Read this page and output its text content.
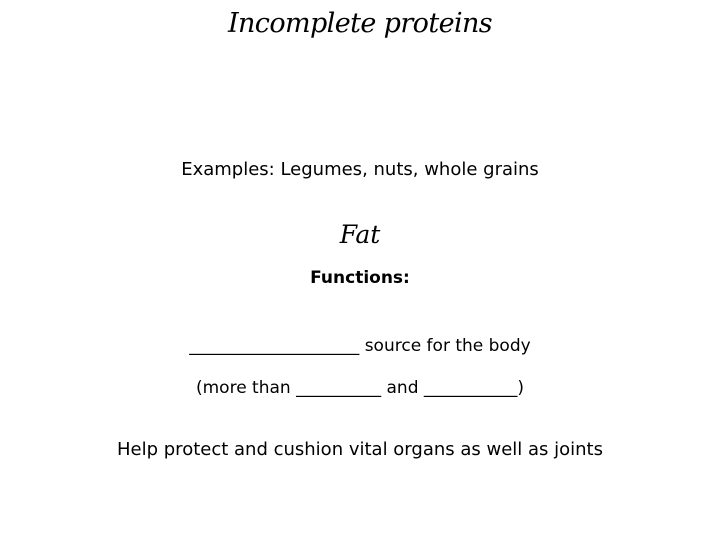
Incomplete proteins
Examples: Legumes, nuts, whole grains
Fat
Functions:
____________________ source for the body
(more than __________ and ___________)
Help protect and cushion vital organs as well as joints
